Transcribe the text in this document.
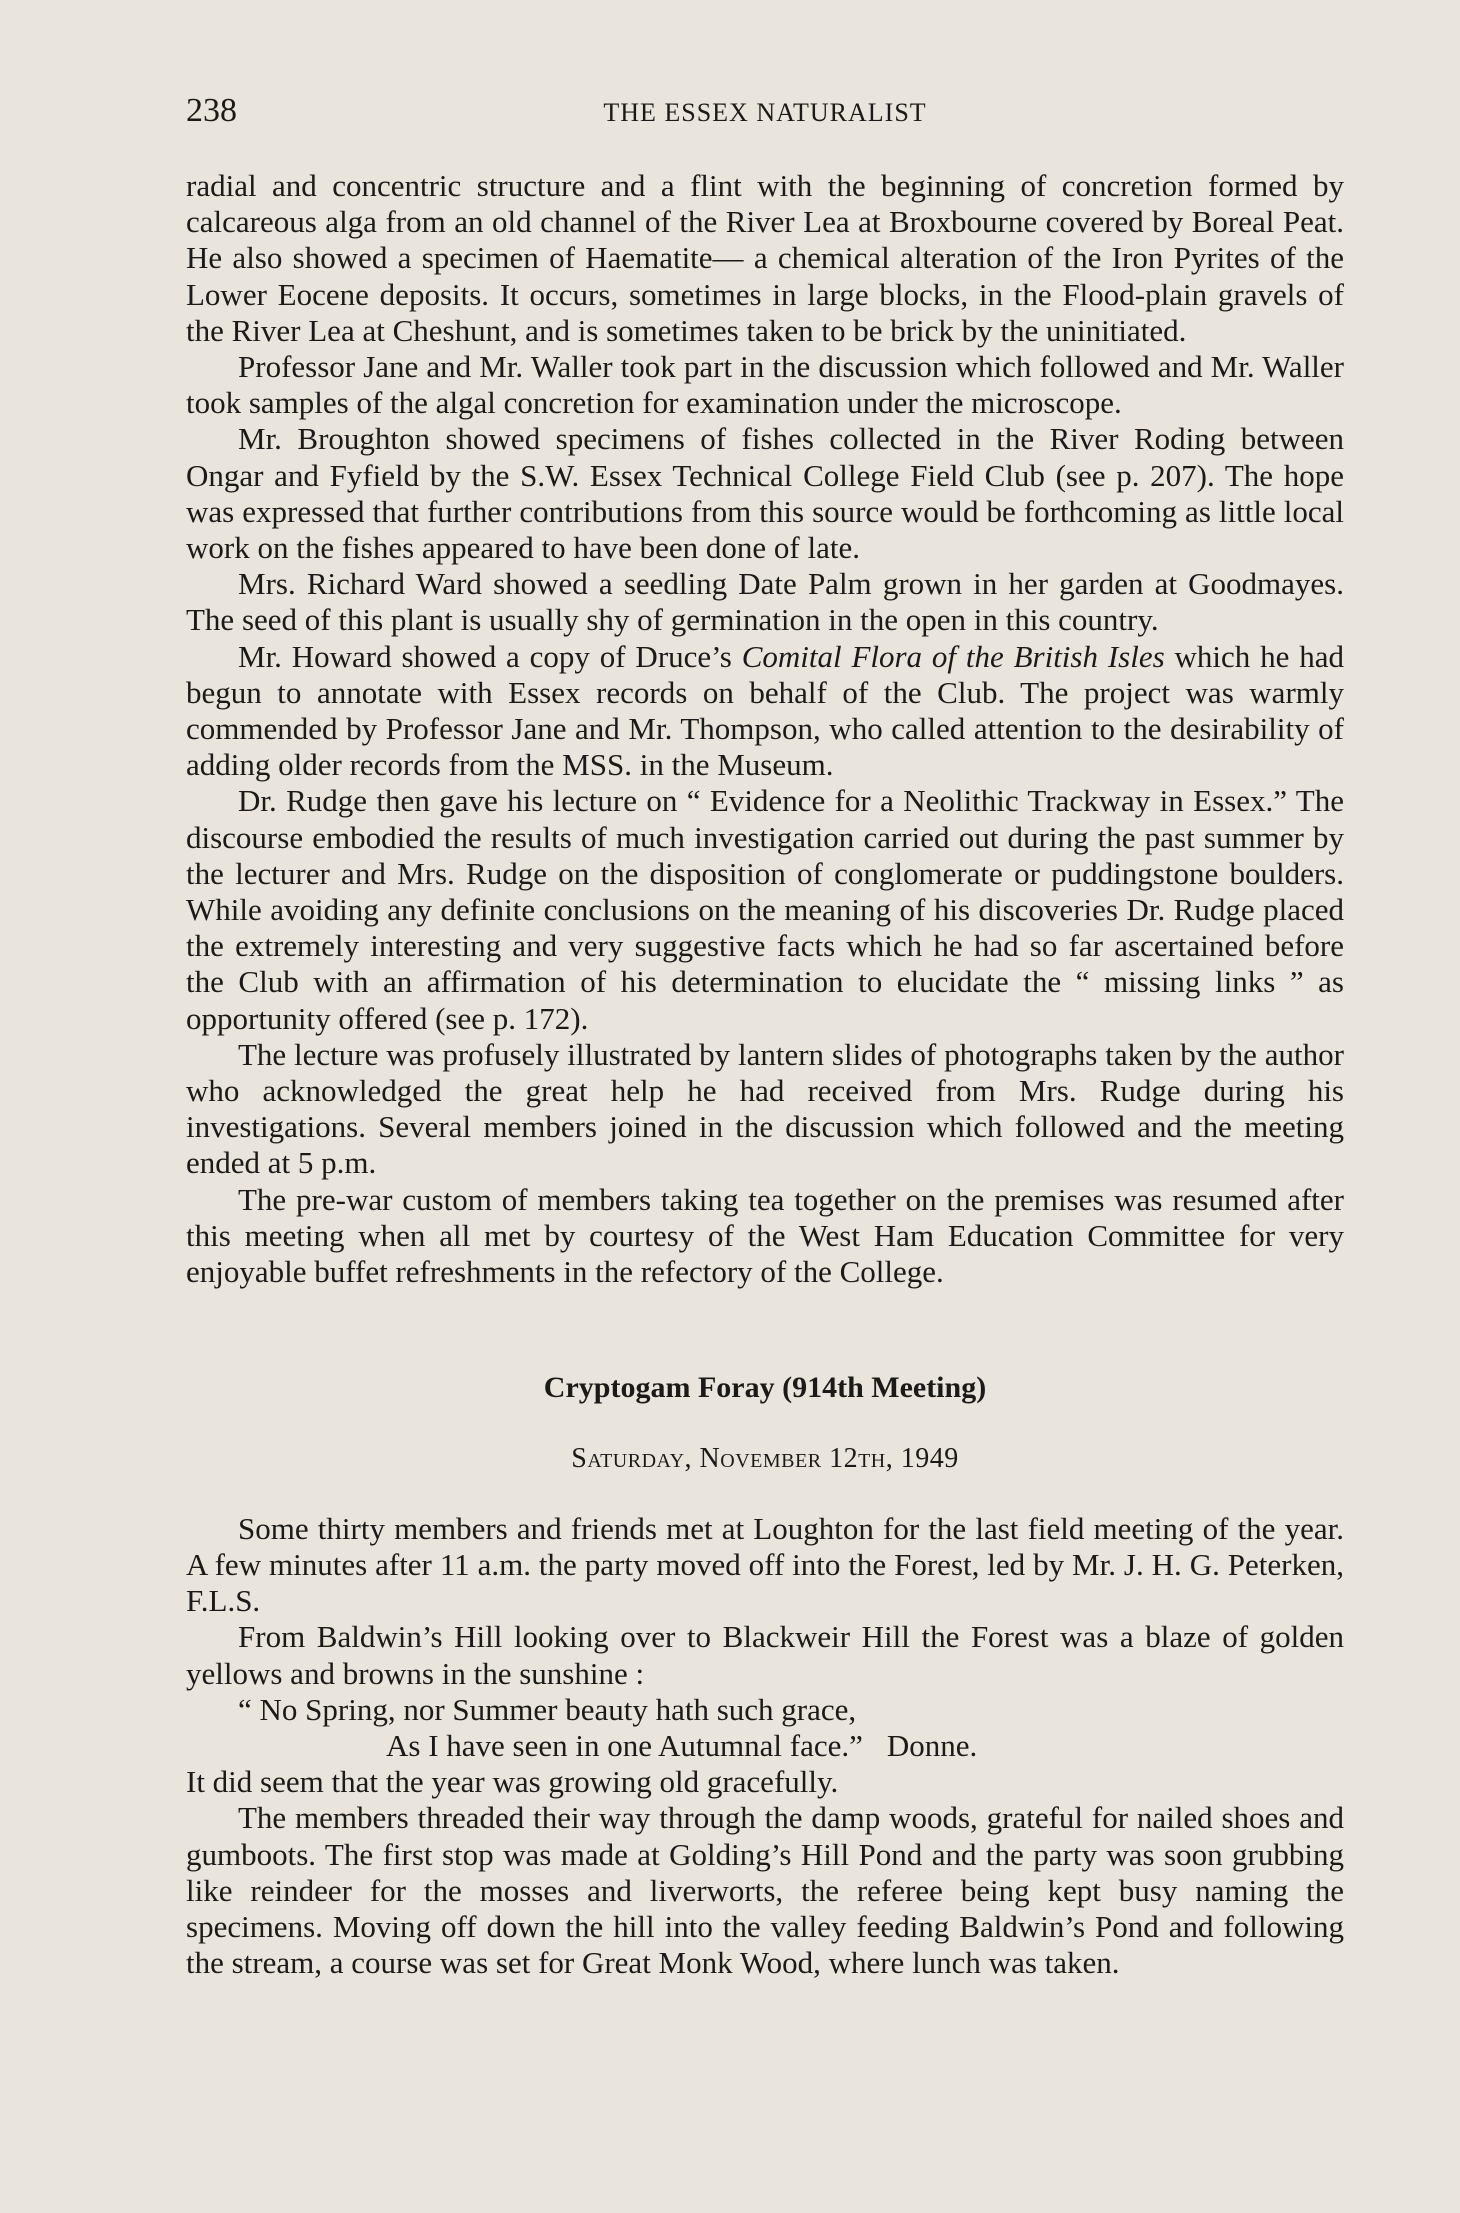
238	THE ESSEX NATURALIST

radial and concentric structure and a flint with the beginning of concretion formed by calcareous alga from an old channel of the River Lea at Broxbourne covered by Boreal Peat. He also showed a specimen of Haematite— a chemical alteration of the Iron Pyrites of the Lower Eocene deposits. It occurs, sometimes in large blocks, in the Flood-plain gravels of the River Lea at Cheshunt, and is sometimes taken to be brick by the uninitiated.

Professor Jane and Mr. Waller took part in the discussion which followed and Mr. Waller took samples of the algal concretion for examination under the microscope.

Mr. Broughton showed specimens of fishes collected in the River Roding between Ongar and Fyfield by the S.W. Essex Technical College Field Club (see p. 207). The hope was expressed that further contributions from this source would be forthcoming as little local work on the fishes appeared to have been done of late.

Mrs. Richard Ward showed a seedling Date Palm grown in her garden at Goodmayes. The seed of this plant is usually shy of germination in the open in this country.

Mr. Howard showed a copy of Druce’s Comital Flora of the British Isles which he had begun to annotate with Essex records on behalf of the Club. The project was warmly commended by Professor Jane and Mr. Thompson, who called attention to the desirability of adding older records from the MSS. in the Museum.

Dr. Rudge then gave his lecture on “ Evidence for a Neolithic Trackway in Essex.” The discourse embodied the results of much investigation carried out during the past summer by the lecturer and Mrs. Rudge on the disposition of conglomerate or puddingstone boulders. While avoiding any definite conclusions on the meaning of his discoveries Dr. Rudge placed the extremely interesting and very suggestive facts which he had so far ascertained before the Club with an affirmation of his determination to elucidate the “ missing links ” as opportunity offered (see p. 172).

The lecture was profusely illustrated by lantern slides of photographs taken by the author who acknowledged the great help he had received from Mrs. Rudge during his investigations. Several members joined in the discussion which followed and the meeting ended at 5 p.m.

The pre-war custom of members taking tea together on the premises was resumed after this meeting when all met by courtesy of the West Ham Education Committee for very enjoyable buffet refreshments in the refectory of the College.

Cryptogam Foray (914th Meeting)

Saturday, November 12th, 1949

Some thirty members and friends met at Loughton for the last field meeting of the year. A few minutes after 11 a.m. the party moved off into the Forest, led by Mr. J. H. G. Peterken, F.L.S.

From Baldwin’s Hill looking over to Blackweir Hill the Forest was a blaze of golden yellows and browns in the sunshine :

“ No Spring, nor Summer beauty hath such grace,
As I have seen in one Autumnal face.” Donne.

It did seem that the year was growing old gracefully.

The members threaded their way through the damp woods, grateful for nailed shoes and gumboots. The first stop was made at Golding’s Hill Pond and the party was soon grubbing like reindeer for the mosses and liverworts, the referee being kept busy naming the specimens. Moving off down the hill into the valley feeding Baldwin’s Pond and following the stream, a course was set for Great Monk Wood, where lunch was taken.
